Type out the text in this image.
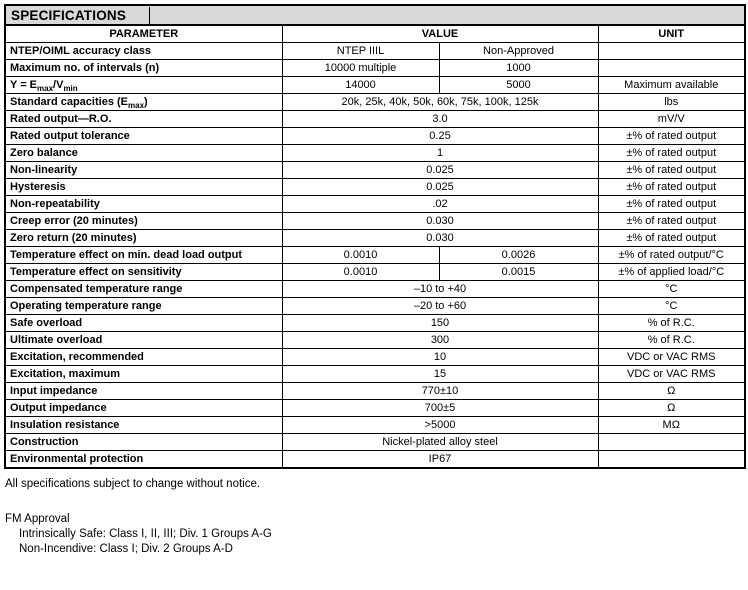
SPECIFICATIONS			
PARAMETER	VALUE		UNIT
NTEP/OIML accuracy class	NTEP IIIL	Non-Approved	
Maximum no. of intervals (n)	10000 multiple	1000	
$Y = E_{max}/V_{min}$	14000	5000	Maximum available
Standard capacities $(E_{max})$	20k, 25k, 40k, 50k, 60k, 75k, 100k, 125k		lbs
Rated output—R.O.	3.0		mV/V
Rated output tolerance	0.25		±% of rated output
Zero balance	1		±% of rated output
Non-linearity	0.025		±% of rated output
Hysteresis	0.025		±% of rated output
Non-repeatability	.02		±% of rated output
Creep error (20 minutes)	0.030		±% of rated output
Zero return (20 minutes)	0.030		±% of rated output
Temperature effect on min. dead load output	0.0010	0.0026	±% of rated output/°C
Temperature effect on sensitivity	0.0010	0.0015	±% of applied load/°C
Compensated temperature range	–10 to +40		°C
Operating temperature range	–20 to +60		°C
Safe overload	150		% of R.C.
Ultimate overload	300		% of R.C.
Excitation, recommended	10		VDC or VAC RMS
Excitation, maximum	15		VDC or VAC RMS
Input impedance	770±10		Ω
Output impedance	700±5		Ω
Insulation resistance	>5000		MΩ
Construction	Nickel-plated alloy steel		
Environmental protection	IP67		
All specifications subject to change without notice.
FM Approval
Intrinsically Safe: Class I, II, III; Div. 1 Groups A-G
Non-Incendive: Class I; Div. 2 Groups A-D
